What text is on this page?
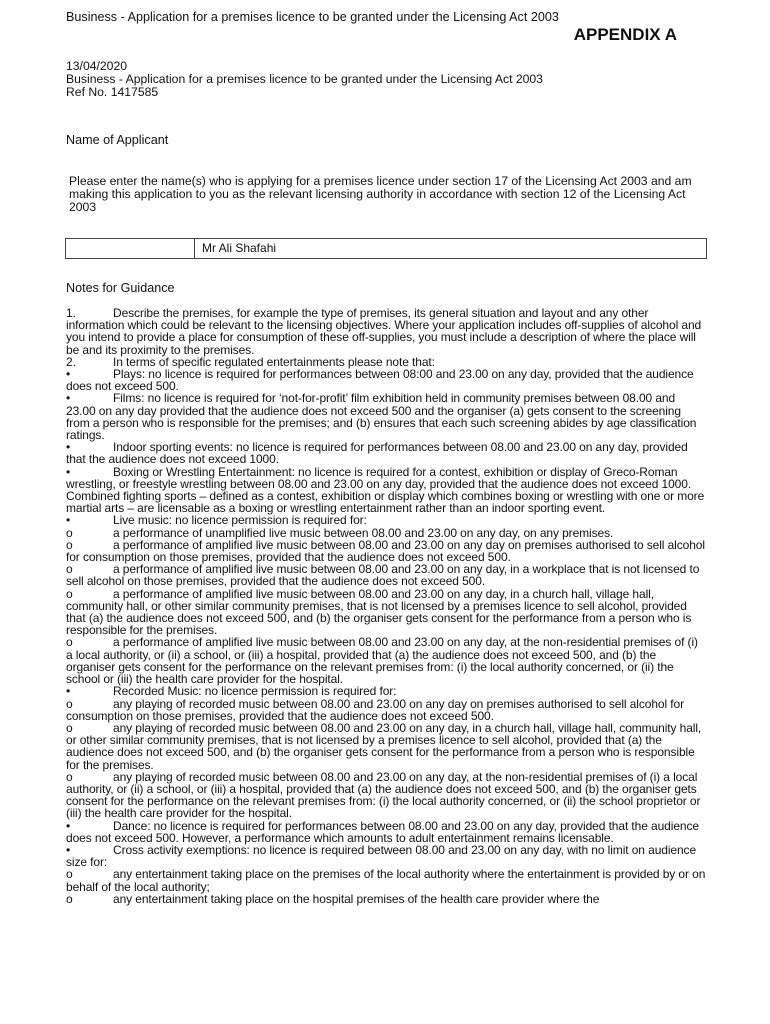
Business - Application for a premises licence to be granted under the Licensing Act 2003
APPENDIX A
13/04/2020
Business - Application for a premises licence to be granted under the Licensing Act 2003
Ref No. 1417585
Name of Applicant
Please enter the name(s) who is applying for a premises licence under section 17 of the Licensing Act 2003 and am making this application to you as the relevant licensing authority in accordance with section 12 of the Licensing Act 2003
Mr Ali Shafahi
Notes for Guidance

1.	Describe the premises, for example the type of premises, its general situation and layout and any other information which could be relevant to the licensing objectives. Where your application includes off-supplies of alcohol and you intend to provide a place for consumption of these off-supplies, you must include a description of where the place will be and its proximity to the premises.

2.	In terms of specific regulated entertainments please note that:

•	Plays: no licence is required for performances between 08:00 and 23.00 on any day, provided that the audience does not exceed 500.

•	Films: no licence is required for ‘not-for-profit’ film exhibition held in community premises between 08.00 and 23.00 on any day provided that the audience does not exceed 500 and the organiser (a) gets consent to the screening from a person who is responsible for the premises; and (b) ensures that each such screening abides by age classification ratings.

•	Indoor sporting events: no licence is required for performances between 08.00 and 23.00 on any day, provided that the audience does not exceed 1000.

•	Boxing or Wrestling Entertainment: no licence is required for a contest, exhibition or display of Greco-Roman wrestling, or freestyle wrestling between 08.00 and 23.00 on any day, provided that the audience does not exceed 1000. Combined fighting sports – defined as a contest, exhibition or display which combines boxing or wrestling with one or more martial arts – are licensable as a boxing or wrestling entertainment rather than an indoor sporting event.

•	Live music: no licence permission is required for:

o	a performance of unamplified live music between 08.00 and 23.00 on any day, on any premises.

o	a performance of amplified live music between 08.00 and 23.00 on any day on premises authorised to sell alcohol for consumption on those premises, provided that the audience does not exceed 500.

o	a performance of amplified live music between 08.00 and 23.00 on any day, in a workplace that is not licensed to sell alcohol on those premises, provided that the audience does not exceed 500.

o	a performance of amplified live music between 08.00 and 23.00 on any day, in a church hall, village hall, community hall, or other similar community premises, that is not licensed by a premises licence to sell alcohol, provided that (a) the audience does not exceed 500, and (b) the organiser gets consent for the performance from a person who is responsible for the premises.

o	a performance of amplified live music between 08.00 and 23.00 on any day, at the non-residential premises of (i) a local authority, or (ii) a school, or (iii) a hospital, provided that (a) the audience does not exceed 500, and (b) the organiser gets consent for the performance on the relevant premises from: (i) the local authority concerned, or (ii) the school or (iii) the health care provider for the hospital.

•	Recorded Music: no licence permission is required for:

o	any playing of recorded music between 08.00 and 23.00 on any day on premises authorised to sell alcohol for consumption on those premises, provided that the audience does not exceed 500.

o	any playing of recorded music between 08.00 and 23.00 on any day, in a church hall, village hall, community hall, or other similar community premises, that is not licensed by a premises licence to sell alcohol, provided that (a) the audience does not exceed 500, and (b) the organiser gets consent for the performance from a person who is responsible for the premises.

o	any playing of recorded music between 08.00 and 23.00 on any day, at the non-residential premises of (i) a local authority, or (ii) a school, or (iii) a hospital, provided that (a) the audience does not exceed 500, and (b) the organiser gets consent for the performance on the relevant premises from: (i) the local authority concerned, or (ii) the school proprietor or (iii) the health care provider for the hospital.

•	Dance: no licence is required for performances between 08.00 and 23.00 on any day, provided that the audience does not exceed 500. However, a performance which amounts to adult entertainment remains licensable.

•	Cross activity exemptions: no licence is required between 08.00 and 23.00 on any day, with no limit on audience size for:

o	any entertainment taking place on the premises of the local authority where the entertainment is provided by or on behalf of the local authority;

o	any entertainment taking place on the hospital premises of the health care provider where the
